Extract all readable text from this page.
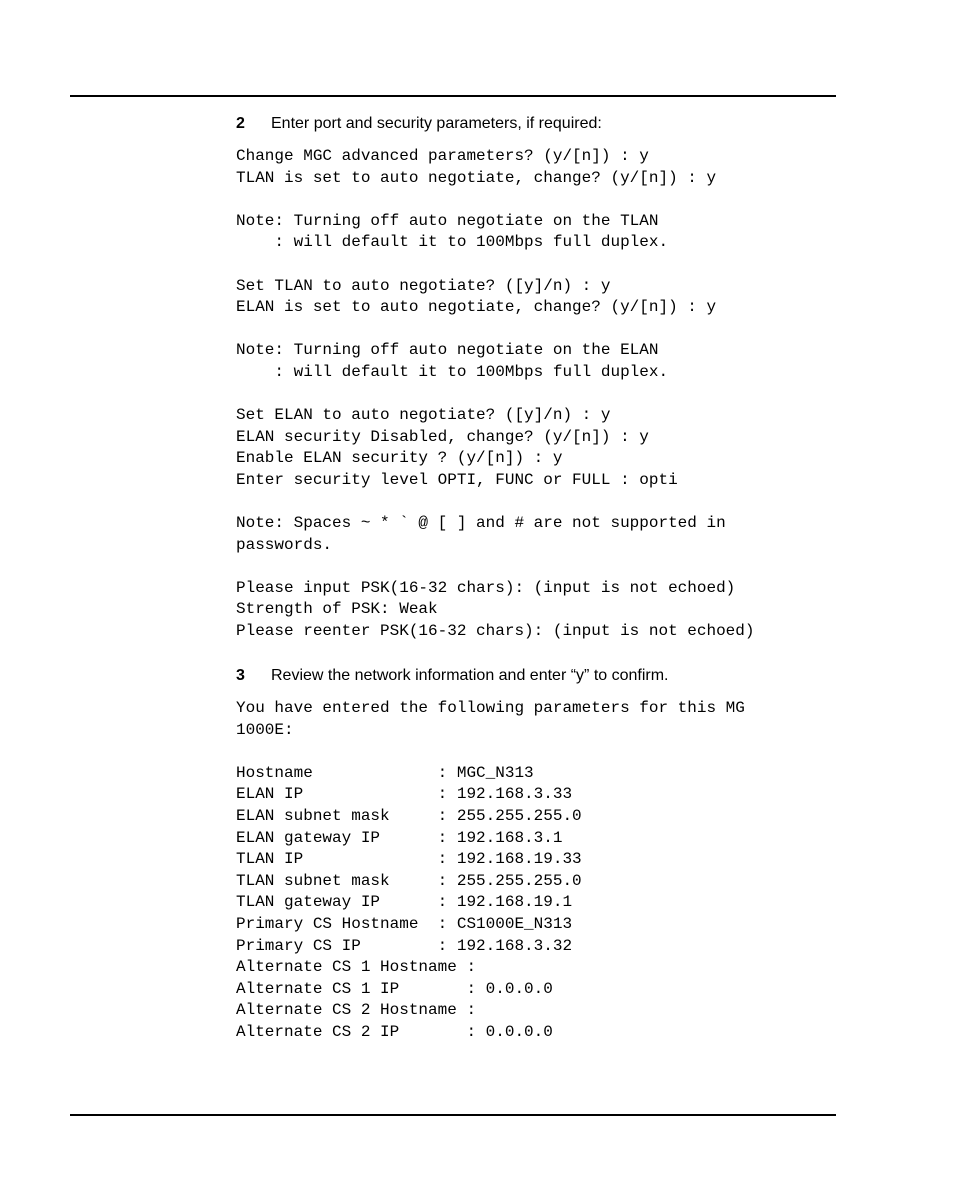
2 Enter port and security parameters, if required:
Change MGC advanced parameters? (y/[n]) : y
TLAN is set to auto negotiate, change? (y/[n]) : y
Note: Turning off auto negotiate on the TLAN
: will default it to 100Mbps full duplex.
Set TLAN to auto negotiate? ([y]/n) : y
ELAN is set to auto negotiate, change? (y/[n]) : y
Note: Turning off auto negotiate on the ELAN
: will default it to 100Mbps full duplex.
Set ELAN to auto negotiate? ([y]/n) : y
ELAN security Disabled, change? (y/[n]) : y
Enable ELAN security ? (y/[n]) : y
Enter security level OPTI, FUNC or FULL : opti
Note: Spaces ~ * ` @ [ ] and # are not supported in
passwords.
Please input PSK(16-32 chars): (input is not echoed)
Strength of PSK: Weak
Please reenter PSK(16-32 chars): (input is not echoed)
3 Review the network information and enter “y” to confirm.
You have entered the following parameters for this MG
1000E:
Hostname             : MGC_N313
ELAN IP              : 192.168.3.33
ELAN subnet mask     : 255.255.255.0
ELAN gateway IP      : 192.168.3.1
TLAN IP              : 192.168.19.33
TLAN subnet mask     : 255.255.255.0
TLAN gateway IP      : 192.168.19.1
Primary CS Hostname  : CS1000E_N313
Primary CS IP        : 192.168.3.32
Alternate CS 1 Hostname :
Alternate CS 1 IP       : 0.0.0.0
Alternate CS 2 Hostname :
Alternate CS 2 IP       : 0.0.0.0
